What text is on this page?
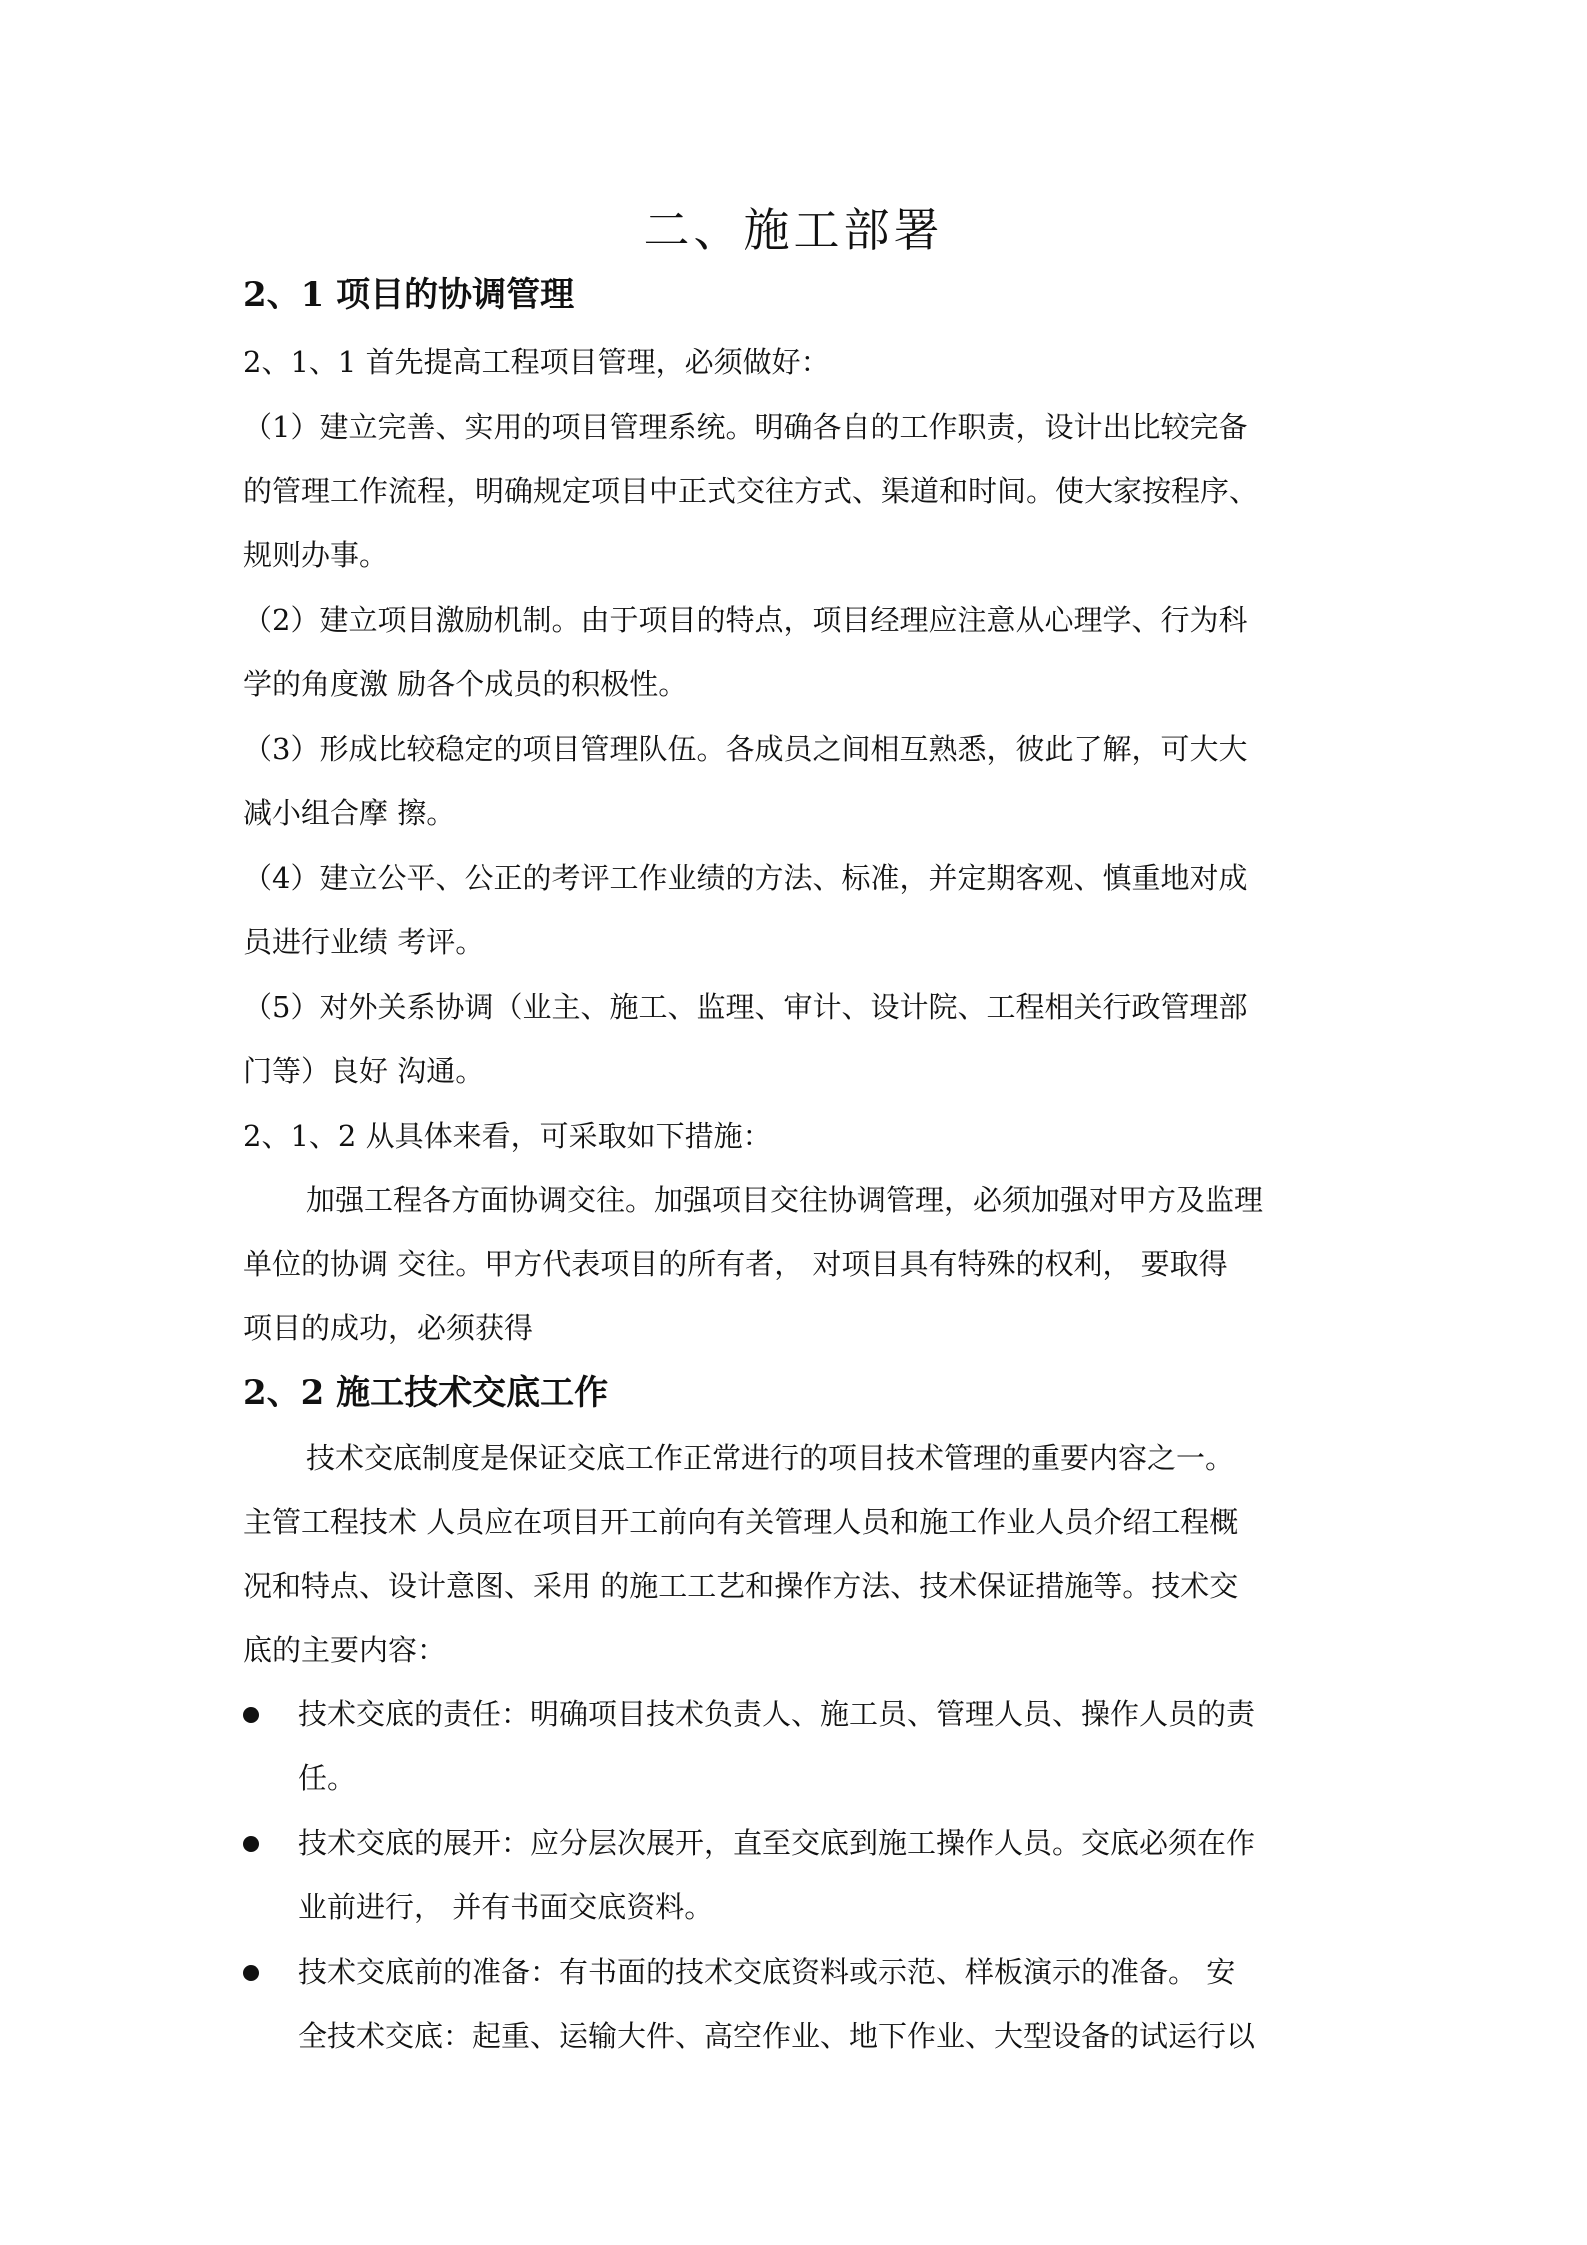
二、施工部署
2、1 项目的协调管理

2、1、1 首先提高工程项目管理，必须做好：

（1）建立完善、实用的项目管理系统。明确各自的工作职责，设计出比较完备

的管理工作流程，明确规定项目中正式交往方式、渠道和时间。使大家按程序、

规则办事。

（2）建立项目激励机制。由于项目的特点，项目经理应注意从心理学、行为科

学的角度激 励各个成员的积极性。

（3）形成比较稳定的项目管理队伍。各成员之间相互熟悉，彼此了解，可大大

减小组合摩 擦。

（4）建立公平、公正的考评工作业绩的方法、标准，并定期客观、慎重地对成

员进行业绩 考评。

（5）对外关系协调（业主、施工、监理、审计、设计院、工程相关行政管理部

门等）良好 沟通。

2、1、2 从具体来看，可采取如下措施：

加强工程各方面协调交往。加强项目交往协调管理，必须加强对甲方及监理

单位的协调 交往。甲方代表项目的所有者， 对项目具有特殊的权利， 要取得

项目的成功，必须获得

2、2 施工技术交底工作

技术交底制度是保证交底工作正常进行的项目技术管理的重要内容之一。

主管工程技术 人员应在项目开工前向有关管理人员和施工作业人员介绍工程概

况和特点、设计意图、采用 的施工工艺和操作方法、技术保证措施等。技术交

底的主要内容：

技术交底的责任：明确项目技术负责人、施工员、管理人员、操作人员的责

任。

技术交底的展开：应分层次展开，直至交底到施工操作人员。交底必须在作

业前进行， 并有书面交底资料。

技术交底前的准备：有书面的技术交底资料或示范、样板演示的准备。 安

全技术交底：起重、运输大件、高空作业、地下作业、大型设备的试运行以
